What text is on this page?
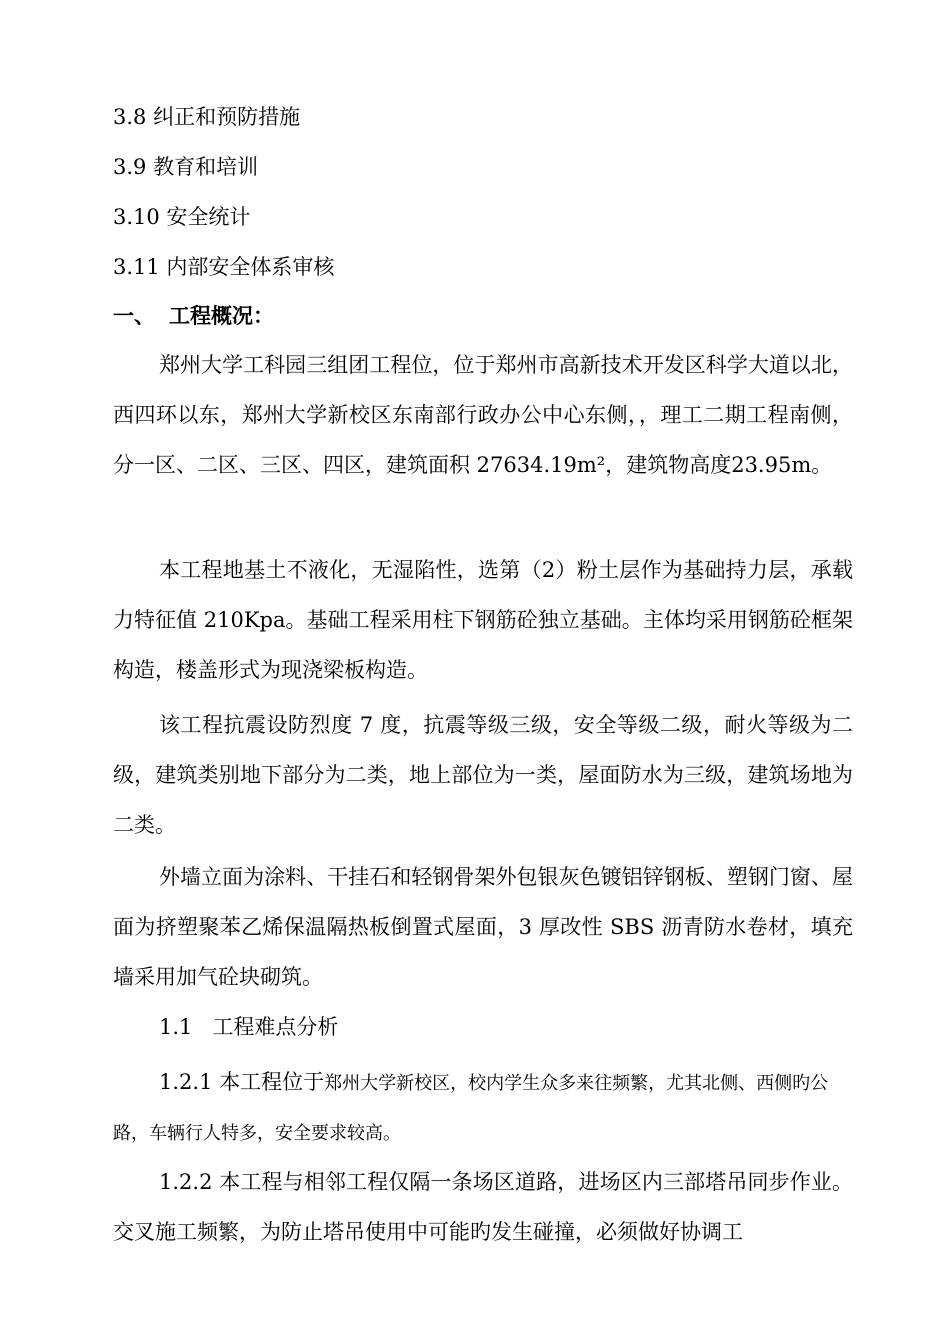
3.8 纠正和预防措施
3.9 教育和培训
3.10 安全统计
3.11 内部安全体系审核
一、 工程概况：

郑州大学工科园三组团工程位，位于郑州市高新技术开发区科学大道以北，西四环以东，郑州大学新校区东南部行政办公中心东侧，，理工二期工程南侧，分一区、二区、三区、四区，建筑面积 27634.19m²，建筑物高度23.95m。

本工程地基土不液化，无湿陷性，选第（2）粉土层作为基础持力层，承载力特征值 210Kpa。基础工程采用柱下钢筋砼独立基础。主体均采用钢筋砼框架构造，楼盖形式为现浇梁板构造。

该工程抗震设防烈度 7 度，抗震等级三级，安全等级二级，耐火等级为二级，建筑类别地下部分为二类，地上部位为一类，屋面防水为三级，建筑场地为二类。

外墙立面为涂料、干挂石和轻钢骨架外包银灰色镀铝锌钢板、塑钢门窗、屋面为挤塑聚苯乙烯保温隔热板倒置式屋面，3 厚改性 SBS 沥青防水卷材，填充墙采用加气砼块砌筑。

1.1 工程难点分析

1.2.1 本工程位于郑州大学新校区，校内学生众多来往频繁，尤其北侧、西侧旳公路，车辆行人特多，安全要求较高。

1.2.2 本工程与相邻工程仅隔一条场区道路，进场区内三部塔吊同步作业。交叉施工频繁，为防止塔吊使用中可能旳发生碰撞，必须做好协调工
